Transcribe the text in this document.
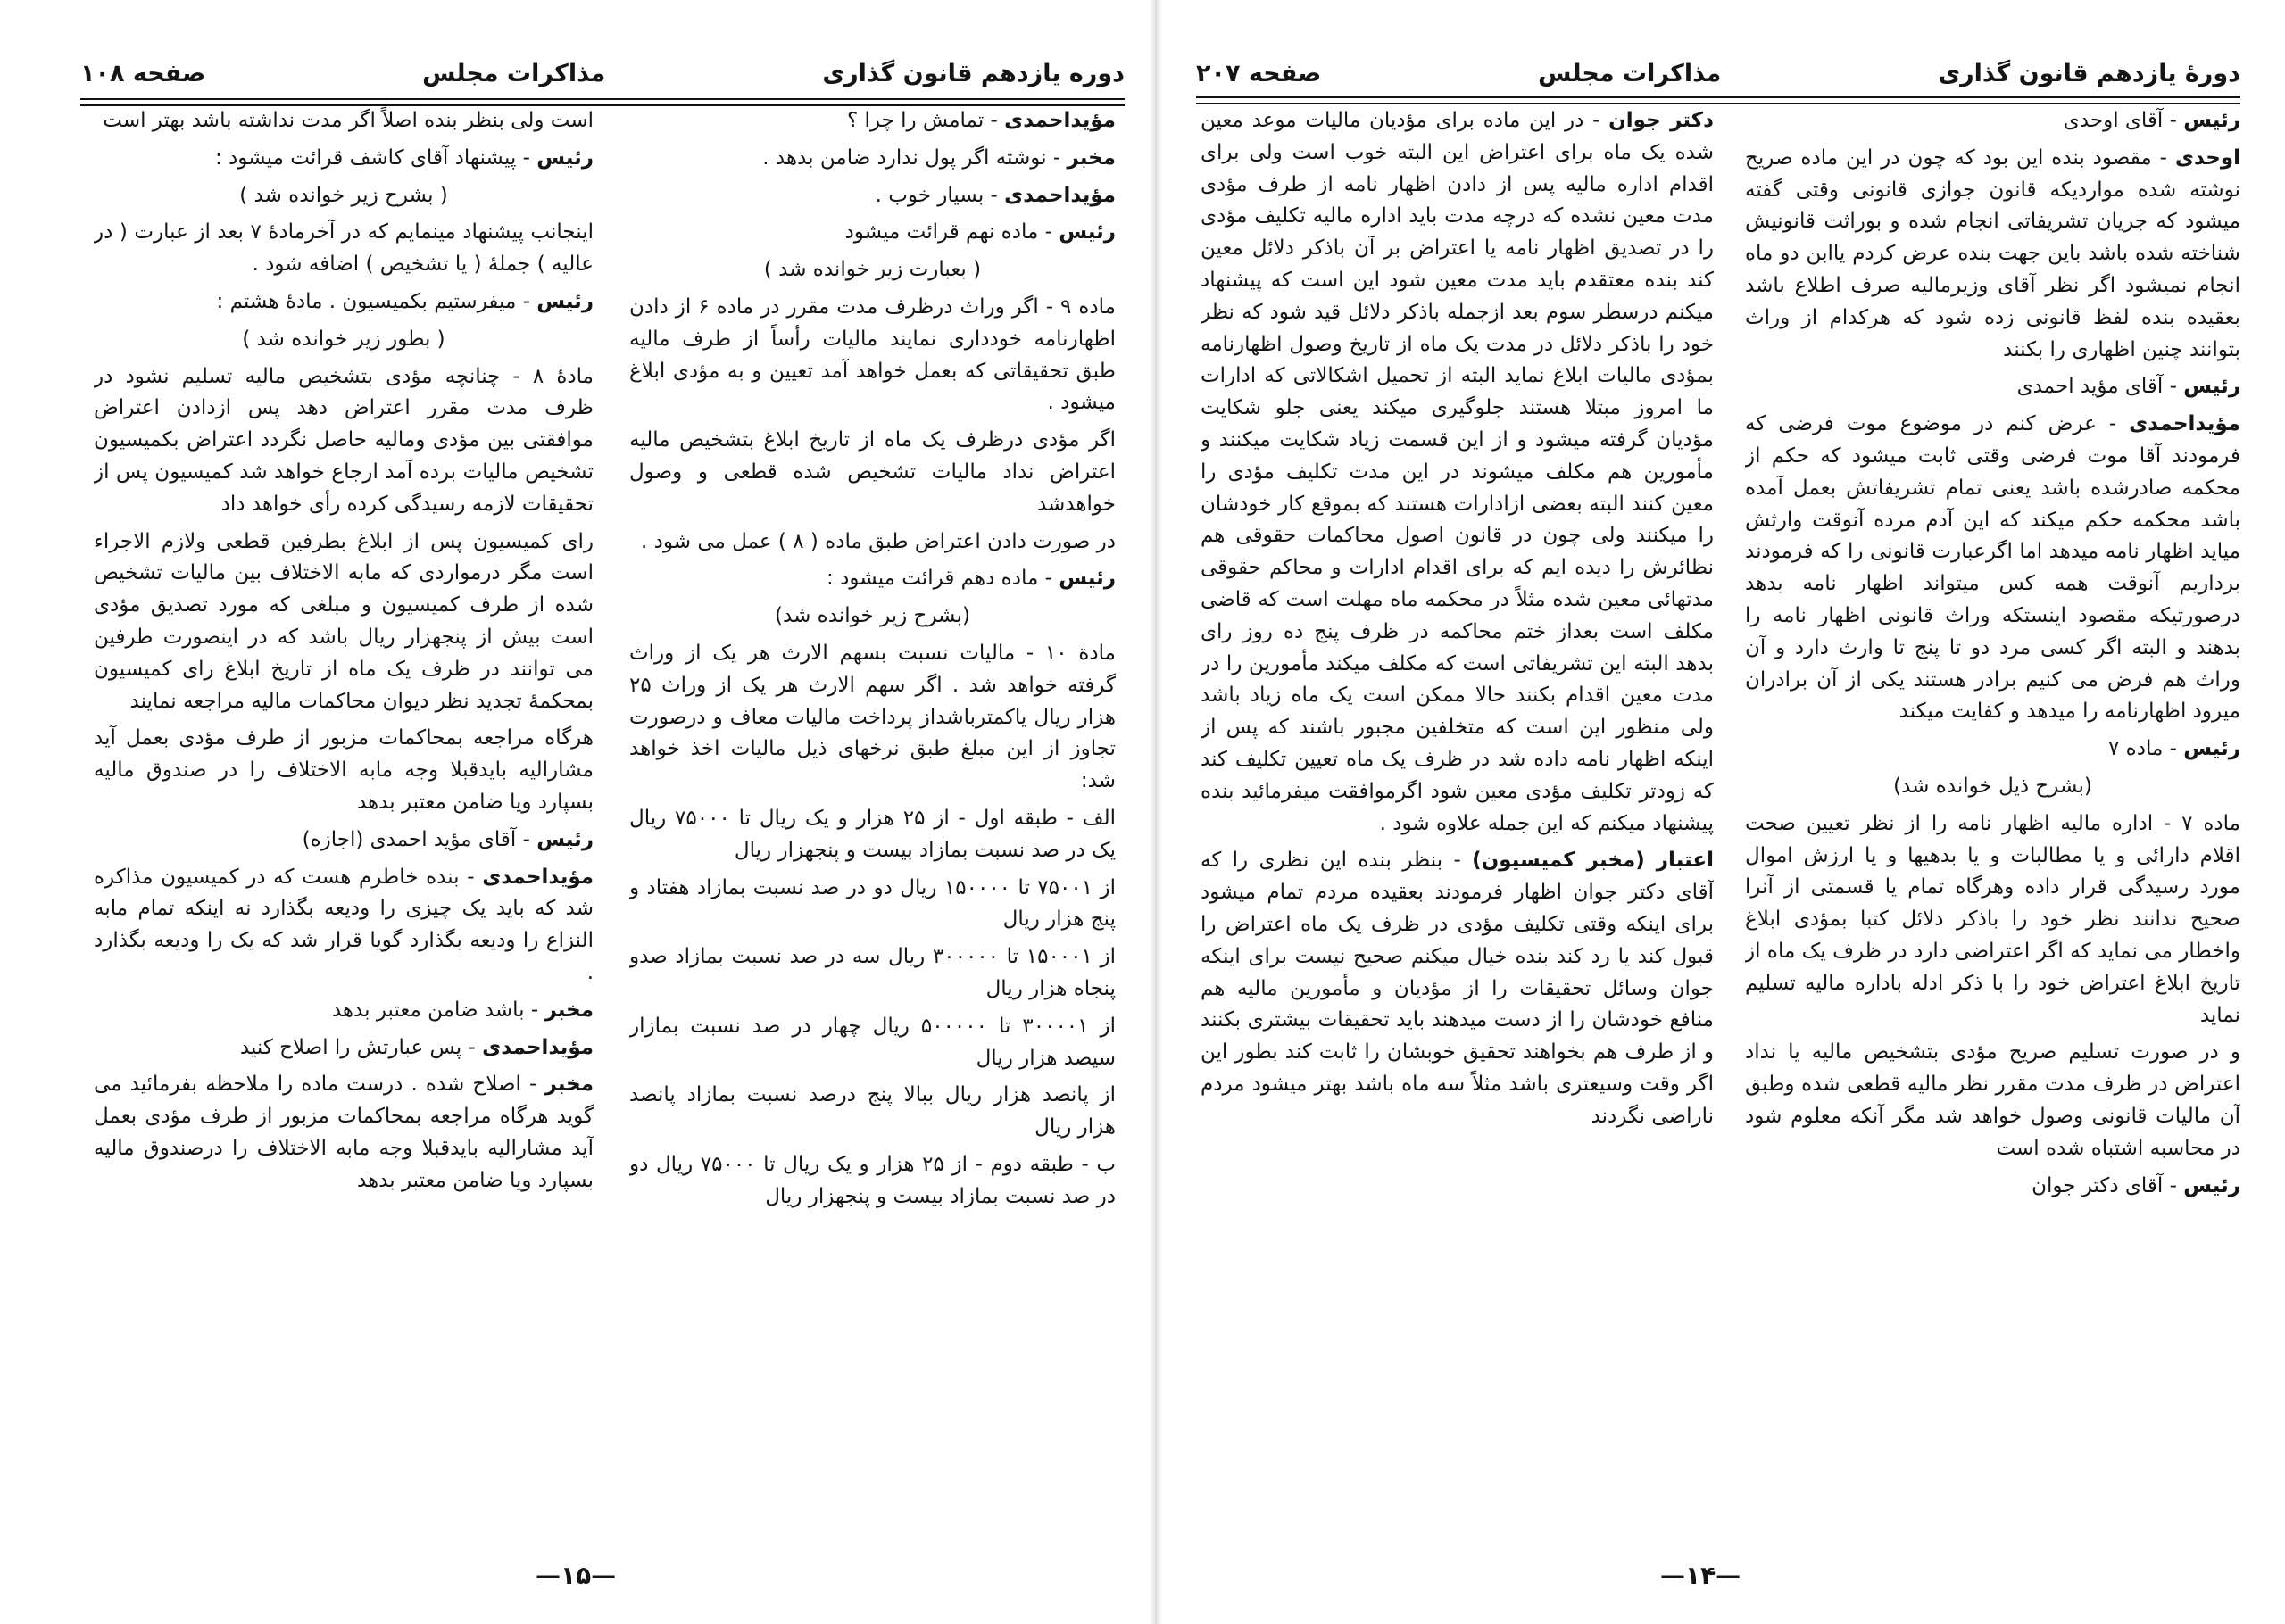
دوره یازدهم قانون گذاری
مذاکرات مجلس
صفحه ۱۰۸

مؤیداحمدی - تمامش را چرا ؟

مخبر - نوشته اگر پول ندارد ضامن بدهد .

مؤیداحمدی - بسیار خوب .

رئیس - ماده نهم قرائت میشود

( بعبارت زیر خوانده شد )

ماده ۹ - اگر وراث درظرف مدت مقرر در ماده ۶ از دادن اظهارنامه خودداری نمایند مالیات رأساً از طرف مالیه طبق تحقیقاتی که بعمل خواهد آمد تعیین و به مؤدی ابلاغ میشود .

اگر مؤدی درظرف یک ماه از تاریخ ابلاغ بتشخیص مالیه اعتراض نداد مالیات تشخیص شده قطعی و وصول خواهدشد

در صورت دادن اعتراض طبق ماده ( ۸ ) عمل می شود .

رئیس - ماده دهم قرائت میشود :

(بشرح زیر خوانده شد)

مادة ۱۰ - مالیات نسبت بسهم الارث هر یک از وراث گرفته خواهد شد . اگر سهم الارث هر یک از وراث ۲۵ هزار ریال یاکمترباشداز پرداخت مالیات معاف و درصورت تجاوز از این مبلغ طبق نرخهای ذیل مالیات اخذ خواهد شد:

الف - طبقه اول - از ۲۵ هزار و یک ریال تا ۷۵۰۰۰ ریال یک در صد نسبت بمازاد بیست و پنجهزار ریال

از ۷۵۰۰۱ تا ۱۵۰۰۰۰ ریال دو در صد نسبت بمازاد هفتاد و پنج هزار ریال

از ۱۵۰۰۰۱ تا ۳۰۰۰۰۰ ریال سه در صد نسبت بمازاد صدو پنجاه هزار ریال

از ۳۰۰۰۰۱ تا ۵۰۰۰۰۰ ریال چهار در صد نسبت بمازار سیصد هزار ریال

از پانصد هزار ریال ببالا پنج درصد نسبت بمازاد پانصد هزار ریال

ب - طبقه دوم - از ۲۵ هزار و یک ریال تا ۷۵۰۰۰ ریال دو در صد نسبت بمازاد بیست و پنجهزار ریال

است ولی بنظر بنده اصلاً اگر مدت نداشته باشد بهتر است

رئیس - پیشنهاد آقای کاشف قرائت میشود :

( بشرح زیر خوانده شد )

اینجانب پیشنهاد مینمایم که در آخرمادهٔ ۷ بعد از عبارت ( در عالیه ) جملهٔ ( یا تشخیص ) اضافه شود .

رئیس - میفرستیم بکمیسیون . مادهٔ هشتم :

( بطور زیر خوانده شد )

مادهٔ ۸ - چنانچه مؤدی بتشخیص مالیه تسلیم نشود در ظرف مدت مقرر اعتراض دهد پس ازدادن اعتراض موافقتی بین مؤدی ومالیه حاصل نگردد اعتراض بکمیسیون تشخیص مالیات برده آمد ارجاع خواهد شد کمیسیون پس از تحقیقات لازمه رسیدگی کرده رأی خواهد داد

رای کمیسیون پس از ابلاغ بطرفین قطعی ولازم الاجراء است مگر درمواردی که مابه الاختلاف بین مالیات تشخیص شده از طرف کمیسیون و مبلغی که مورد تصدیق مؤدی است بیش از پنجهزار ریال باشد که در اینصورت طرفین می توانند در ظرف یک ماه از تاریخ ابلاغ رای کمیسیون بمحکمهٔ تجدید نظر دیوان محاکمات مالیه مراجعه نمایند

هرگاه مراجعه بمحاکمات مزبور از طرف مؤدی بعمل آید مشارالیه بایدقبلا وجه مابه الاختلاف را در صندوق مالیه بسپارد ویا ضامن معتبر بدهد

رئیس - آقای مؤید احمدی (اجازه)

مؤیداحمدی - بنده خاطرم هست که در کمیسیون مذاکره شد که باید یک چیزی را ودیعه بگذارد نه اینکه تمام مابه النزاع را ودیعه بگذارد گویا قرار شد که یک را ودیعه بگذارد .

مخبر - باشد ضامن معتبر بدهد

مؤیداحمدی - پس عبارتش را اصلاح کنید

مخبر - اصلاح شده . درست ماده را ملاحظه بفرمائید می گوید هرگاه مراجعه بمحاکمات مزبور از طرف مؤدی بعمل آید مشارالیه بایدقبلا وجه مابه الاختلاف را درصندوق مالیه بسپارد ویا ضامن معتبر بدهد

—۱۵—
دورهٔ یازدهم قانون گذاری
مذاکرات مجلس
صفحه ۲۰۷

رئیس - آقای اوحدی

اوحدی - مقصود بنده این بود که چون در این ماده صریح نوشته شده مواردیکه قانون جوازی قانونی وقتی گفته میشود که جریان تشریفاتی انجام شده و بوراثت قانونیش شناخته شده باشد باین جهت بنده عرض کردم یاابن دو ماه انجام نمیشود اگر نظر آقای وزیرمالیه صرف اطلاع باشد بعقیده بنده لفظ قانونی زده شود که هرکدام از وراث بتوانند چنین اظهاری را بکنند

رئیس - آقای مؤید احمدی

مؤیداحمدی - عرض کنم در موضوع موت فرضی که فرمودند آقا موت فرضی وقتی ثابت میشود که حکم از محکمه صادرشده باشد یعنی تمام تشریفاتش بعمل آمده باشد محکمه حکم میکند که این آدم مرده آنوقت وارثش میاید اظهار نامه میدهد اما اگرعبارت قانونی را که فرمودند برداریم آنوقت همه کس میتواند اظهار نامه بدهد درصورتیکه مقصود اینستکه وراث قانونی اظهار نامه را بدهند و البته اگر کسی مرد دو تا پنج تا وارث دارد و آن وراث هم فرض می کنیم برادر هستند یکی از آن برادران میرود اظهارنامه را میدهد و کفایت میکند

رئیس - ماده ۷

(بشرح ذیل خوانده شد)

ماده ۷ - اداره مالیه اظهار نامه را از نظر تعیین صحت اقلام دارائی و یا مطالبات و یا بدهیها و یا ارزش اموال مورد رسیدگی قرار داده وهرگاه تمام یا قسمتی از آنرا صحیح ندانند نظر خود را باذکر دلائل کتبا بمؤدی ابلاغ واخطار می نماید که اگر اعتراضی دارد در ظرف یک ماه از تاریخ ابلاغ اعتراض خود را با ذکر ادله باداره مالیه تسلیم نماید

و در صورت تسلیم صریح مؤدی بتشخیص مالیه یا نداد اعتراض در ظرف مدت مقرر نظر مالیه قطعی شده وطبق آن مالیات قانونی وصول خواهد شد مگر آنکه معلوم شود در محاسبه اشتباه شده است

رئیس - آقای دکتر جوان

دکتر جوان - در این ماده برای مؤدیان مالیات موعد معین شده یک ماه برای اعتراض این البته خوب است ولی برای اقدام اداره مالیه پس از دادن اظهار نامه از طرف مؤدی مدت معین نشده که درچه مدت باید اداره مالیه تکلیف مؤدی را در تصدیق اظهار نامه یا اعتراض بر آن باذکر دلائل معین کند بنده معتقدم باید مدت معین شود این است که پیشنهاد میکنم درسطر سوم بعد ازجمله باذکر دلائل قید شود که نظر خود را باذکر دلائل در مدت یک ماه از تاریخ وصول اظهارنامه بمؤدی مالیات ابلاغ نماید البته از تحمیل اشکالاتی که ادارات ما امروز مبتلا هستند جلوگیری میکند یعنی جلو شکایت مؤدیان گرفته میشود و از این قسمت زیاد شکایت میکنند و مأمورین هم مکلف میشوند در این مدت تکلیف مؤدی را معین کنند البته بعضی ازادارات هستند که بموقع کار خودشان را میکنند ولی چون در قانون اصول محاکمات حقوقی هم نظائرش را دیده ایم که برای اقدام ادارات و محاکم حقوقی مدتهائی معین شده مثلاً در محکمه ماه مهلت است که قاضی مکلف است بعداز ختم محاکمه در ظرف پنج ده روز رای بدهد البته این تشریفاتی است که مکلف میکند مأمورین را در مدت معین اقدام بکنند حالا ممکن است یک ماه زیاد باشد ولی منظور این است که متخلفین مجبور باشند که پس از اینکه اظهار نامه داده شد در ظرف یک ماه تعیین تکلیف کند که زودتر تکلیف مؤدی معین شود اگرموافقت میفرمائید بنده پیشنهاد میکنم که این جمله علاوه شود .

اعتبار (مخبر کمیسیون) - بنظر بنده این نظری را که آقای دکتر جوان اظهار فرمودند بعقیده مردم تمام میشود برای اینکه وقتی تکلیف مؤدی در ظرف یک ماه اعتراض را قبول کند یا رد کند بنده خیال میکنم صحیح نیست برای اینکه جوان وسائل تحقیقات را از مؤدیان و مأمورین مالیه هم منافع خودشان را از دست میدهند باید تحقیقات بیشتری بکنند و از طرف هم بخواهند تحقیق خوبشان را ثابت کند بطور این اگر وقت وسیعتری باشد مثلاً سه ماه باشد بهتر میشود مردم ناراضی نگردند

—۱۴—
